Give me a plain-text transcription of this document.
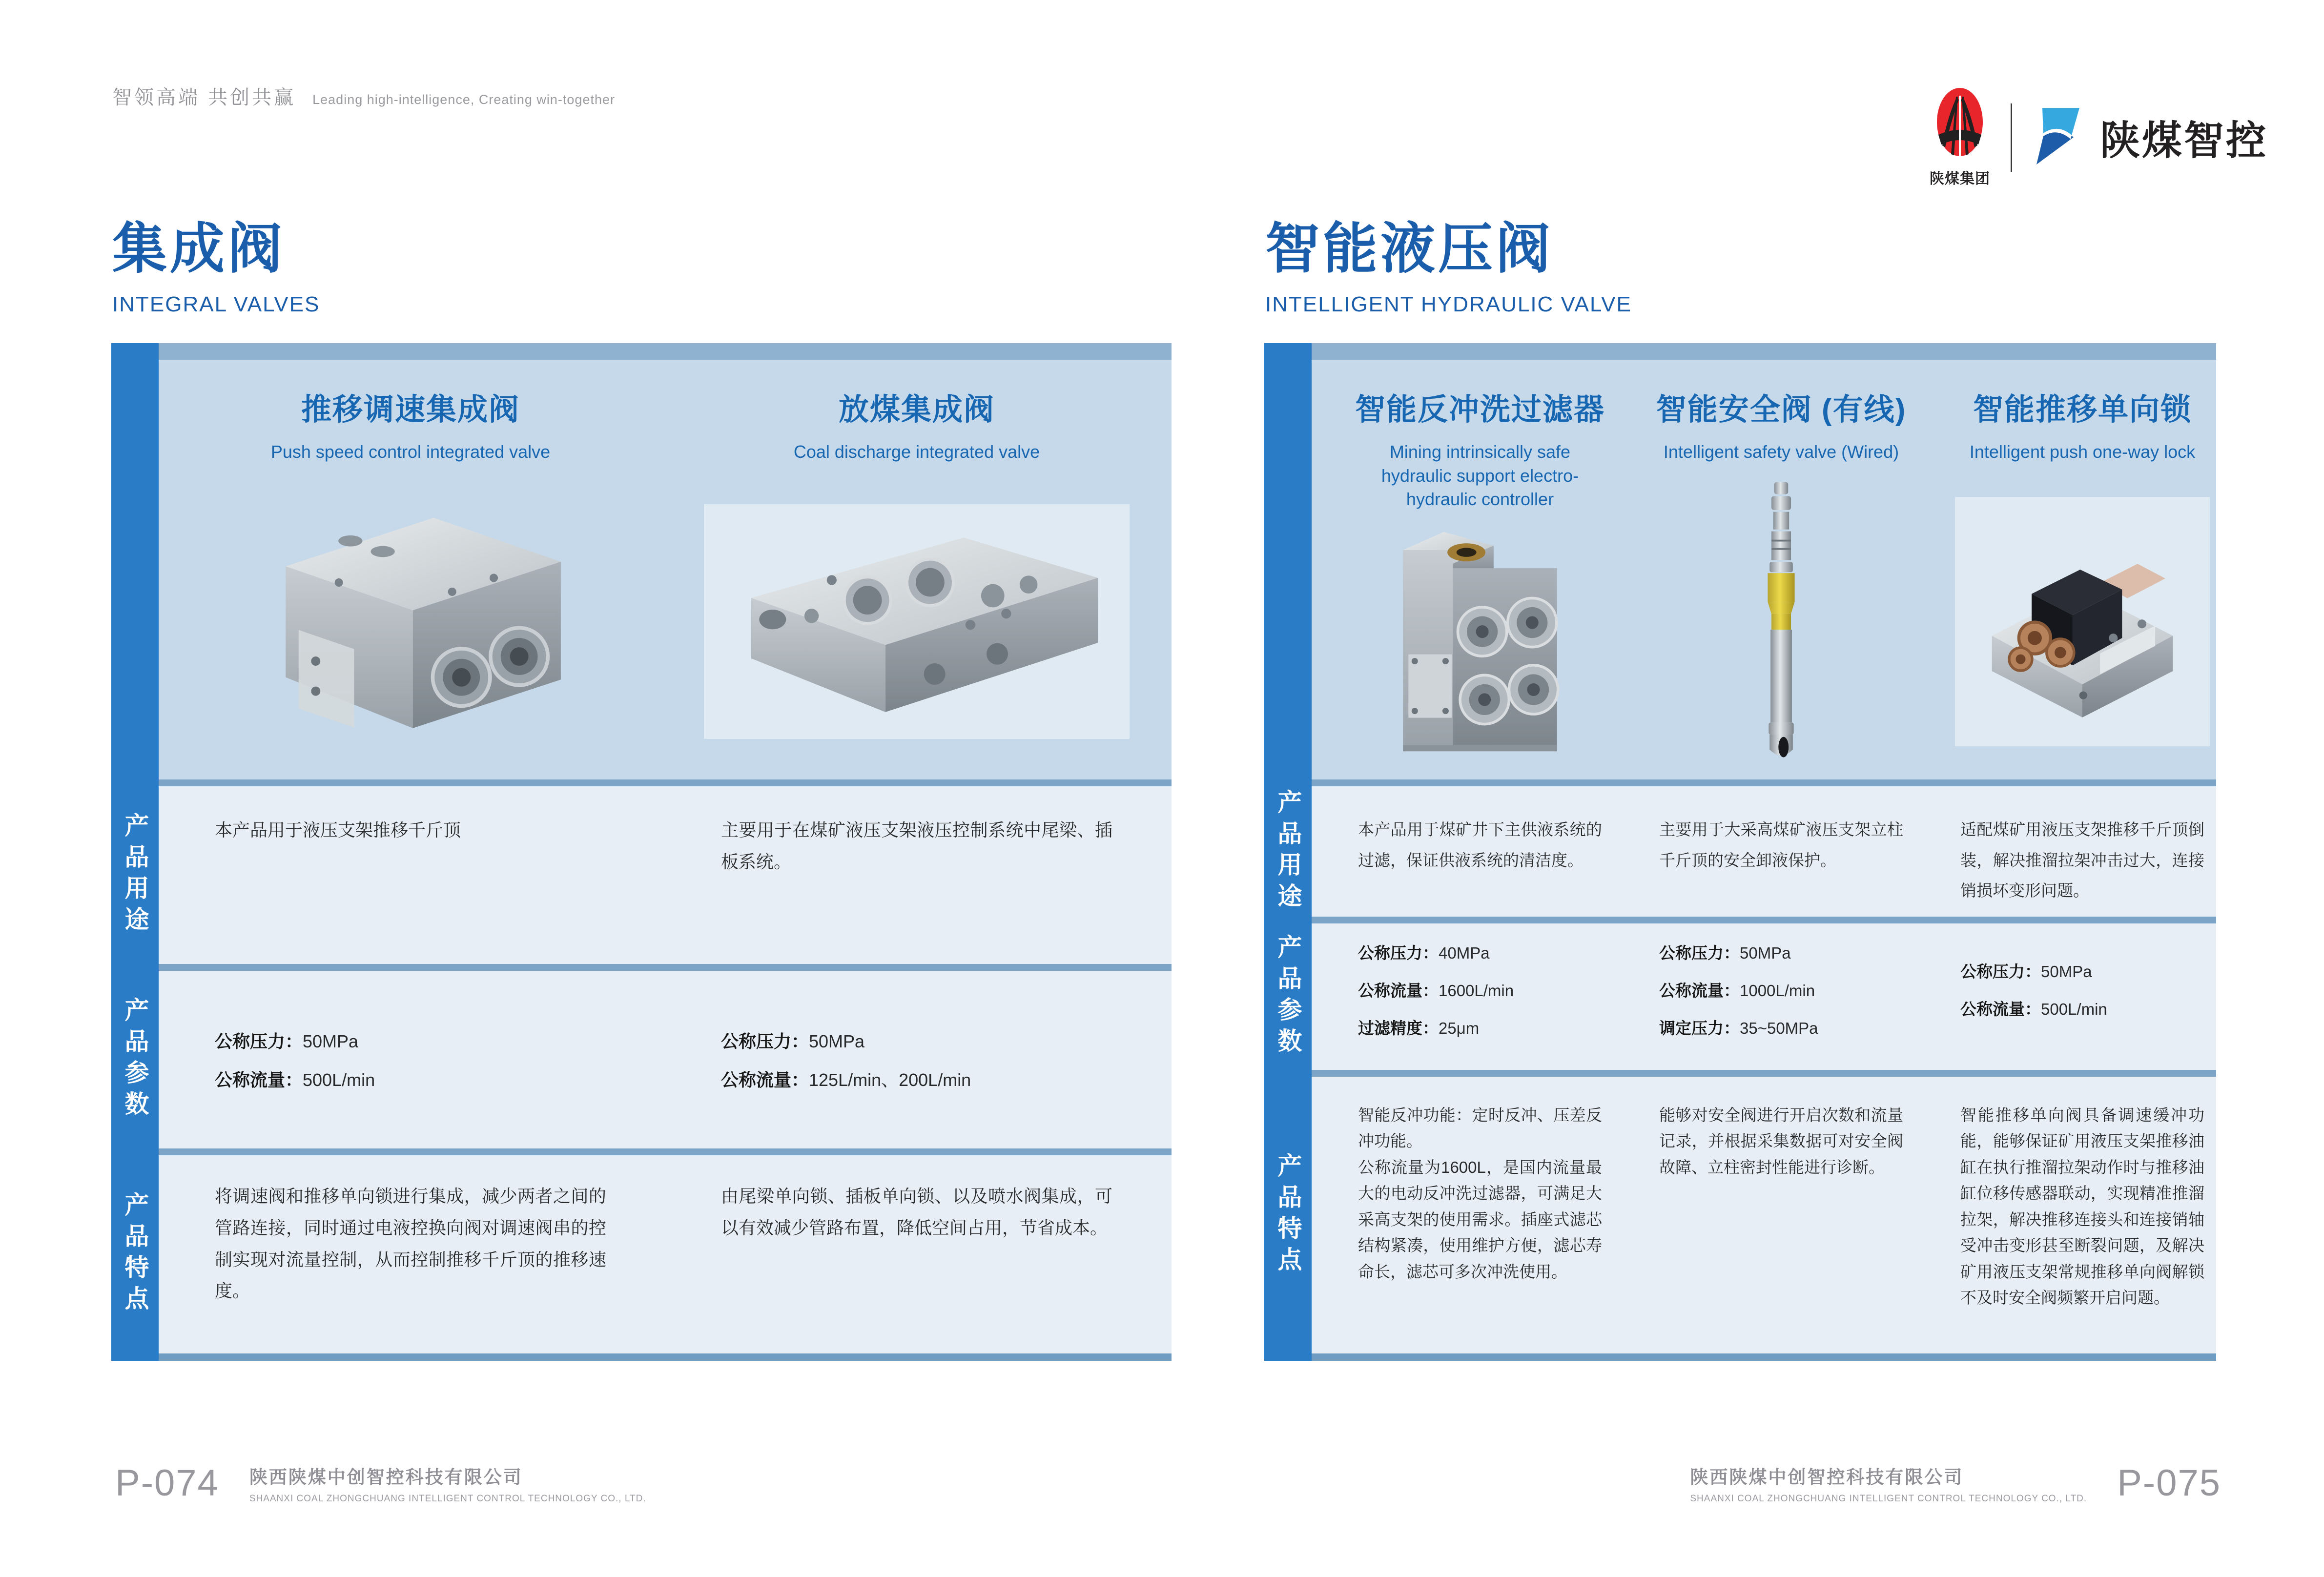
智领高端 共创共赢 Leading high-intelligence, Creating win-together
陕煤集团
陕煤智控
集成阀
INTEGRAL VALVES
智能液压阀
INTELLIGENT HYDRAULIC VALVE
产品用途
产品参数
产品特点
推移调速集成阀
Push speed control integrated valve
放煤集成阀
Coal discharge integrated valve

本产品用于液压支架推移千斤顶	主要用于在煤矿液压支架液压控制系统中尾梁、插板系统。

公称压力：50MPa
公称流量：500L/min
公称压力：50MPa
公称流量：125L/min、200L/min

将调速阀和推移单向锁进行集成，减少两者之间的管路连接，同时通过电液控换向阀对调速阀串的控制实现对流量控制，从而控制推移千斤顶的推移速度。

由尾梁单向锁、插板单向锁、以及喷水阀集成，可以有效减少管路布置，降低空间占用，节省成本。

产品用途
产品参数
产品特点
智能反冲洗过滤器
Mining intrinsically safe hydraulic support electro-hydraulic controller
智能安全阀 (有线)
Intelligent safety valve (Wired)
智能推移单向锁
Intelligent push one-way lock

本产品用于煤矿井下主供液系统的过滤，保证供液系统的清洁度。

主要用于大采高煤矿液压支架立柱千斤顶的安全卸液保护。

适配煤矿用液压支架推移千斤顶倒装，解决推溜拉架冲击过大，连接销损坏变形问题。

公称压力：40MPa
公称流量：1600L/min
过滤精度：25μm
公称压力：50MPa
公称流量：1000L/min
调定压力：35~50MPa
公称压力：50MPa
公称流量：500L/min

智能反冲功能：定时反冲、压差反冲功能。

公称流量为1600L，是国内流量最大的电动反冲洗过滤器，可满足大采高支架的使用需求。插座式滤芯结构紧凑，使用维护方便，滤芯寿命长，滤芯可多次冲洗使用。

能够对安全阀进行开启次数和流量记录，并根据采集数据可对安全阀故障、立柱密封性能进行诊断。

智能推移单向阀具备调速缓冲功能，能够保证矿用液压支架推移油缸在执行推溜拉架动作时与推移油缸位移传感器联动，实现精准推溜拉架，解决推移连接头和连接销轴受冲击变形甚至断裂问题，及解决矿用液压支架常规推移单向阀解锁不及时安全阀频繁开启问题。

P-074 陕西陕煤中创智控科技有限公司
SHAANXI COAL ZHONGCHUANG INTELLIGENT CONTROL TECHNOLOGY CO., LTD.
陕西陕煤中创智控科技有限公司
SHAANXI COAL ZHONGCHUANG INTELLIGENT CONTROL TECHNOLOGY CO., LTD. P-075
